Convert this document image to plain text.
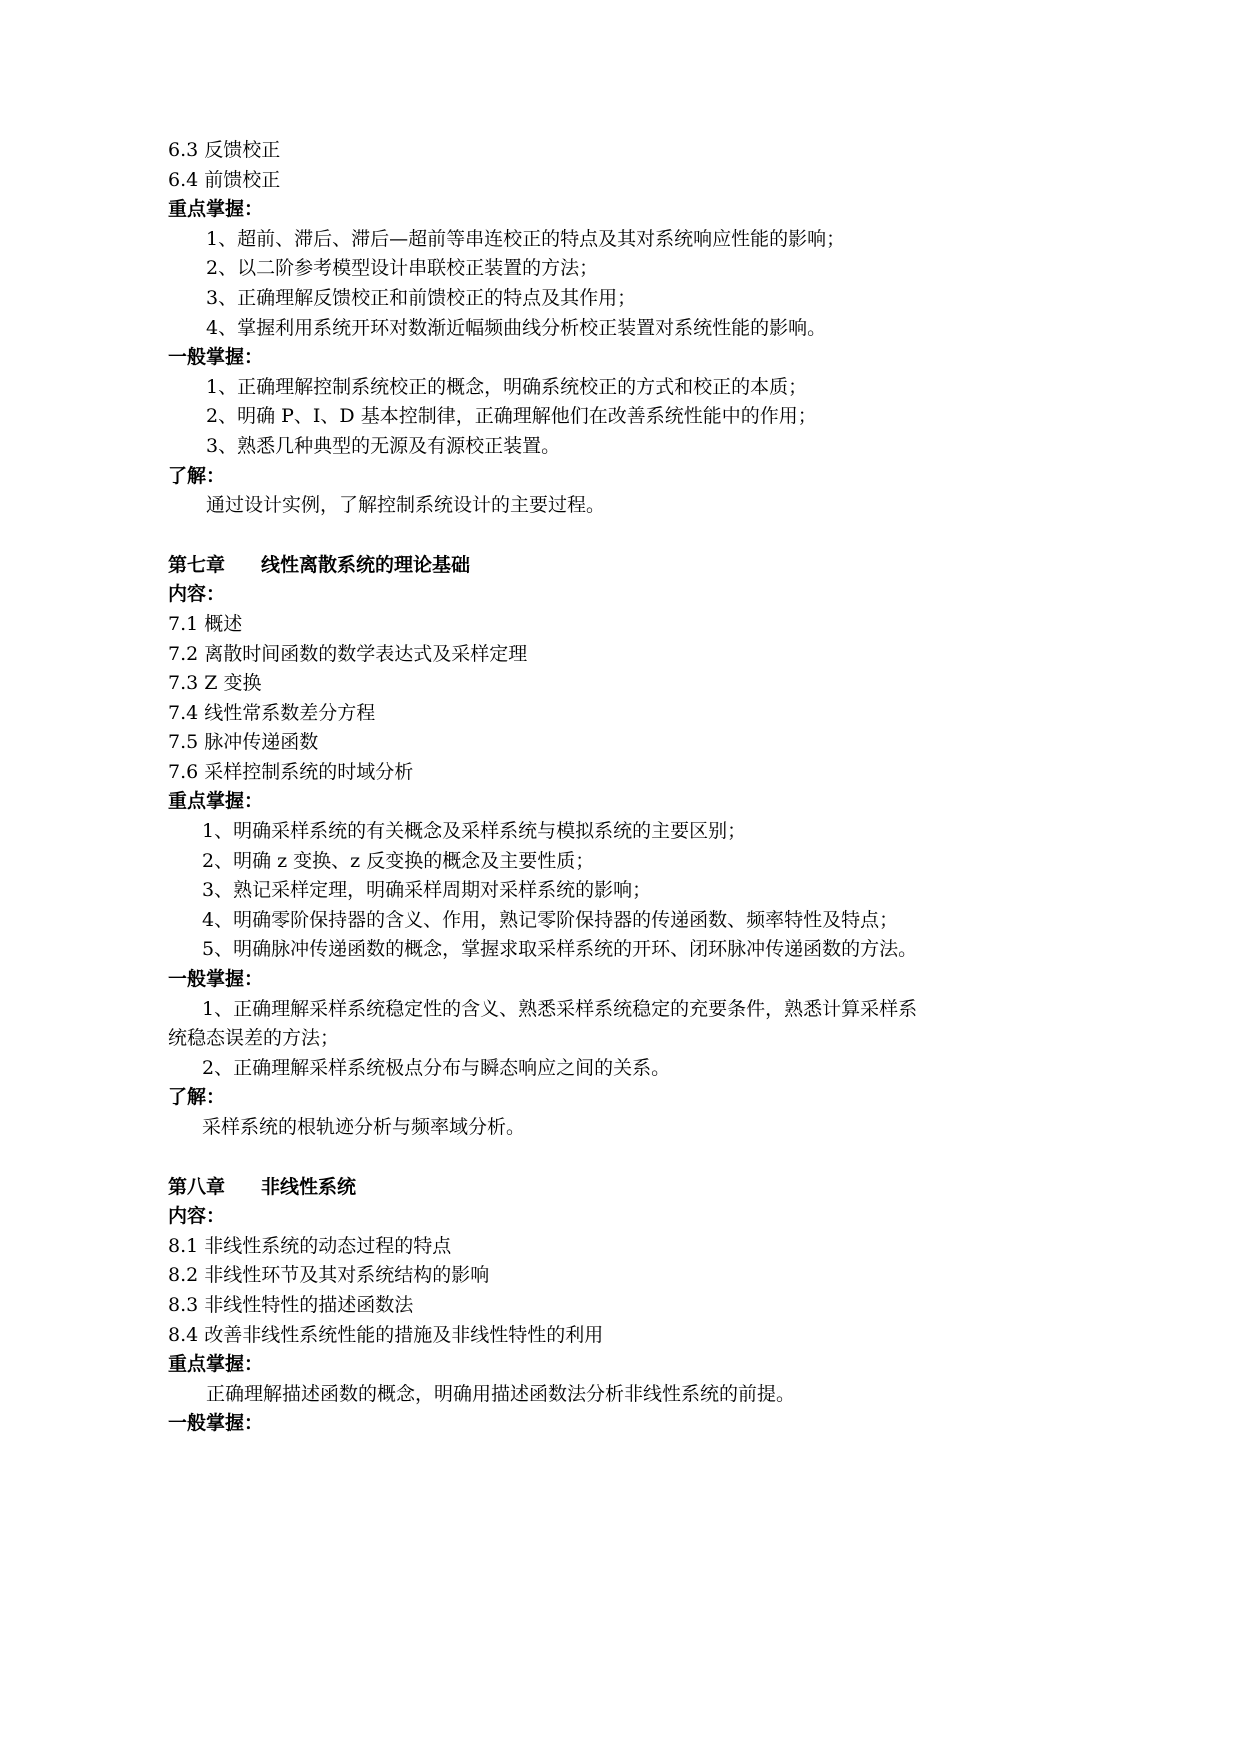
6.3 反馈校正
6.4 前馈校正
重点掌握：
1、超前、滞后、滞后—超前等串连校正的特点及其对系统响应性能的影响；
2、以二阶参考模型设计串联校正装置的方法；
3、正确理解反馈校正和前馈校正的特点及其作用；
4、掌握利用系统开环对数渐近幅频曲线分析校正装置对系统性能的影响。
一般掌握：
1、正确理解控制系统校正的概念，明确系统校正的方式和校正的本质；
2、明确 P、I、D 基本控制律，正确理解他们在改善系统性能中的作用；
3、熟悉几种典型的无源及有源校正装置。
了解：
通过设计实例，了解控制系统设计的主要过程。
第七章 线性离散系统的理论基础
内容：
7.1 概述
7.2 离散时间函数的数学表达式及采样定理
7.3 Z 变换
7.4 线性常系数差分方程
7.5 脉冲传递函数
7.6 采样控制系统的时域分析
重点掌握：
1、明确采样系统的有关概念及采样系统与模拟系统的主要区别；
2、明确 z 变换、z 反变换的概念及主要性质；
3、熟记采样定理，明确采样周期对采样系统的影响；
4、明确零阶保持器的含义、作用，熟记零阶保持器的传递函数、频率特性及特点；
5、明确脉冲传递函数的概念，掌握求取采样系统的开环、闭环脉冲传递函数的方法。
一般掌握：
1、正确理解采样系统稳定性的含义、熟悉采样系统稳定的充要条件，熟悉计算采样系
统稳态误差的方法；
2、正确理解采样系统极点分布与瞬态响应之间的关系。
了解：
采样系统的根轨迹分析与频率域分析。
第八章 非线性系统
内容：
8.1 非线性系统的动态过程的特点
8.2 非线性环节及其对系统结构的影响
8.3 非线性特性的描述函数法
8.4 改善非线性系统性能的措施及非线性特性的利用
重点掌握：
正确理解描述函数的概念，明确用描述函数法分析非线性系统的前提。
一般掌握：
